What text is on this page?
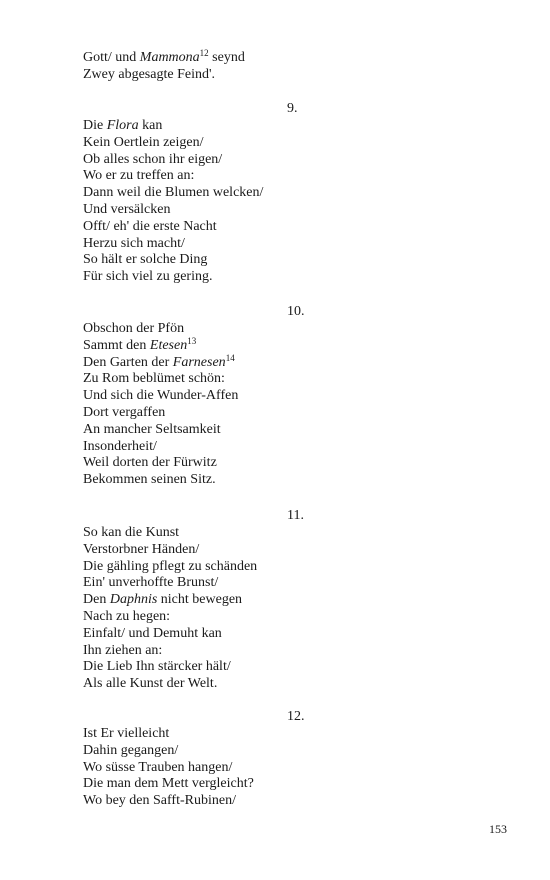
Gott/ und Mammona$^{12}$ seynd
Zwey abgesagte Feind'.
9.
Die Flora kan
Kein Oertlein zeigen/
Ob alles schon ihr eigen/
Wo er zu treffen an:
Dann weil die Blumen welcken/
Und versälcken
Offt/ eh' die erste Nacht
Herzu sich macht/
So hält er solche Ding
Für sich viel zu gering.
10.
Obschon der Pfön
Sammt den Etesen$^{13}$
Den Garten der Farnesen$^{14}$
Zu Rom beblümet schön:
Und sich die Wunder-Affen
Dort vergaffen
An mancher Seltsamkeit
Insonderheit/
Weil dorten der Fürwitz
Bekommen seinen Sitz.
11.
So kan die Kunst
Verstorbner Händen/
Die gähling pflegt zu schänden
Ein' unverhoffte Brunst/
Den Daphnis nicht bewegen
Nach zu hegen:
Einfalt/ und Demuht kan
Ihn ziehen an:
Die Lieb Ihn stärcker hält/
Als alle Kunst der Welt.
12.
Ist Er vielleicht
Dahin gegangen/
Wo süsse Trauben hangen/
Die man dem Mett vergleicht?
Wo bey den Safft-Rubinen/
153
